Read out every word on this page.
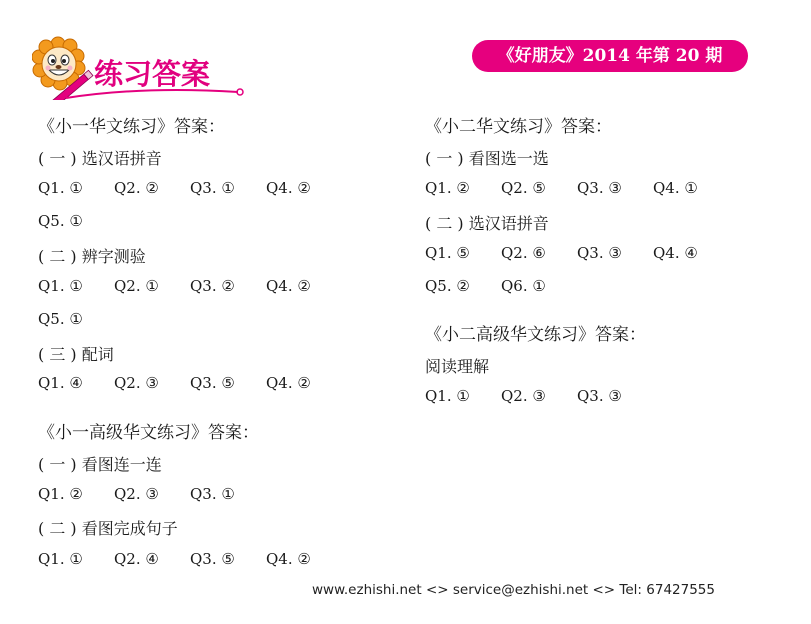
练习答案
《好朋友》2014 年第 20 期
《小一华文练习》答案：
( 一 ) 选汉语拼音
Q1. ① Q2. ② Q3. ① Q4. ②
Q5. ①
( 二 ) 辨字测验
Q1. ① Q2. ① Q3. ② Q4. ②
Q5. ①
( 三 ) 配词
Q1. ④ Q2. ③ Q3. ⑤ Q4. ②
《小一高级华文练习》答案：
( 一 ) 看图连一连
Q1. ② Q2. ③ Q3. ①
( 二 ) 看图完成句子
Q1. ① Q2. ④ Q3. ⑤ Q4. ②
《小二华文练习》答案：
( 一 ) 看图选一选
Q1. ② Q2. ⑤ Q3. ③ Q4. ①
( 二 ) 选汉语拼音
Q1. ⑤ Q2. ⑥ Q3. ③ Q4. ④
Q5. ② Q6. ①
《小二高级华文练习》答案：
阅读理解
Q1. ① Q2. ③ Q3. ③
www.ezhishi.net <> service@ezhishi.net <> Tel: 67427555
